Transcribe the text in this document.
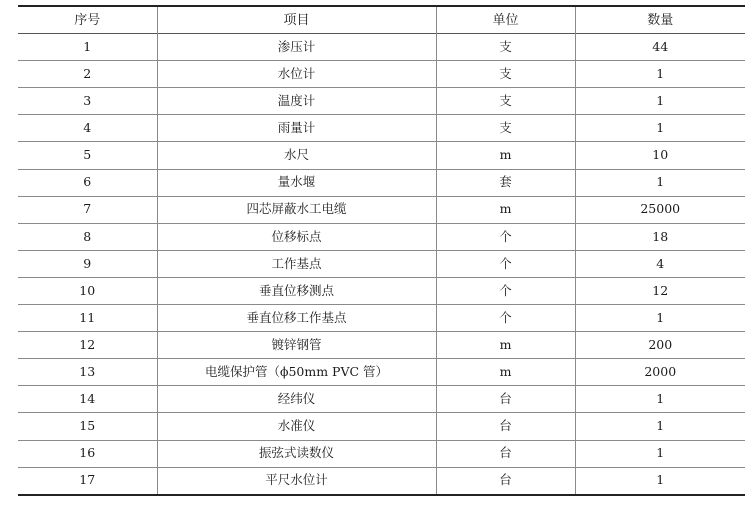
序号	项目	单位	数量
1	渗压计	支	44
2	水位计	支	1
3	温度计	支	1
4	雨量计	支	1
5	水尺	m	10
6	量水堰	套	1
7	四芯屏蔽水工电缆	m	25000
8	位移标点	个	18
9	工作基点	个	4
10	垂直位移测点	个	12
11	垂直位移工作基点	个	1
12	镀锌钢管	m	200
13	电缆保护管（ϕ50mm PVC 管）	m	2000
14	经纬仪	台	1
15	水准仪	台	1
16	振弦式读数仪	台	1
17	平尺水位计	台	1
